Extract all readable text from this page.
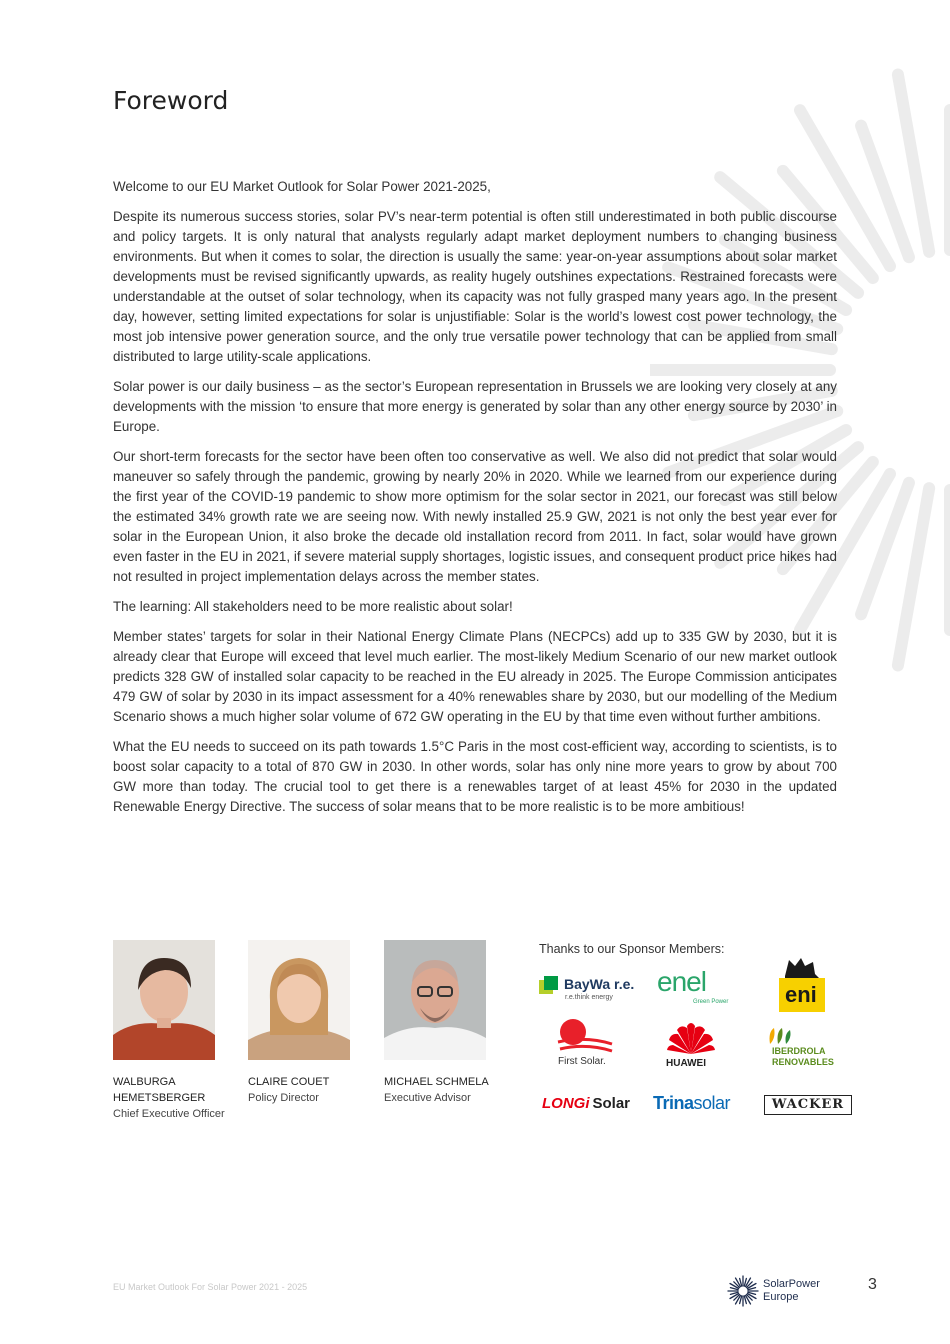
Foreword

Welcome to our EU Market Outlook for Solar Power 2021-2025,

Despite its numerous success stories, solar PV’s near-term potential is often still underestimated in both public discourse and policy targets. It is only natural that analysts regularly adapt market deployment numbers to changing business environments. But when it comes to solar, the direction is usually the same: year-on-year assumptions about solar market developments must be revised significantly upwards, as reality hugely outshines expectations. Restrained forecasts were understandable at the outset of solar technology, when its capacity was not fully grasped many years ago. In the present day, however, setting limited expectations for solar is unjustifiable: Solar is the world’s lowest cost power technology, the most job intensive power generation source, and the only true versatile power technology that can be applied from small distributed to large utility-scale applications.

Solar power is our daily business – as the sector’s European representation in Brussels we are looking very closely at any developments with the mission ‘to ensure that more energy is generated by solar than any other energy source by 2030’ in Europe.

Our short-term forecasts for the sector have been often too conservative as well. We also did not predict that solar would maneuver so safely through the pandemic, growing by nearly 20% in 2020. While we learned from our experience during the first year of the COVID-19 pandemic to show more optimism for the solar sector in 2021, our forecast was still below the estimated 34% growth rate we are seeing now. With newly installed 25.9 GW, 2021 is not only the best year ever for solar in the European Union, it also broke the decade old installation record from 2011. In fact, solar would have grown even faster in the EU in 2021, if severe material supply shortages, logistic issues, and consequent product price hikes had not resulted in project implementation delays across the member states.

The learning: All stakeholders need to be more realistic about solar!

Member states’ targets for solar in their National Energy Climate Plans (NECPCs) add up to 335 GW by 2030, but it is already clear that Europe will exceed that level much earlier. The most-likely Medium Scenario of our new market outlook predicts 328 GW of installed solar capacity to be reached in the EU already in 2025. The Europe Commission anticipates 479 GW of solar by 2030 in its impact assessment for a 40% renewables share by 2030, but our modelling of the Medium Scenario shows a much higher solar volume of 672 GW operating in the EU by that time even without further ambitions.

What the EU needs to succeed on its path towards 1.5°C Paris in the most cost-efficient way, according to scientists, is to boost solar capacity to a total of 870 GW in 2030. In other words, solar has only nine more years to grow by about 700 GW more than today. The crucial tool to get there is a renewables target of at least 45% for 2030 in the updated Renewable Energy Directive. The success of solar means that to be more realistic is to be more ambitious!

WALBURGA
HEMETSBERGER
Chief Executive Officer
CLAIRE COUET
Policy Director
MICHAEL SCHMELA
Executive Advisor
Thanks to our Sponsor Members:
BayWa r.e.
r.e.think energy
enel
Green Power	eni
First Solar.	HUAWEI
IBERDROLA
RENOVABLES
LONGi Solar Trinasolar	WACKER
EU Market Outlook For Solar Power 2021 - 2025	SolarPower
Europe
3
